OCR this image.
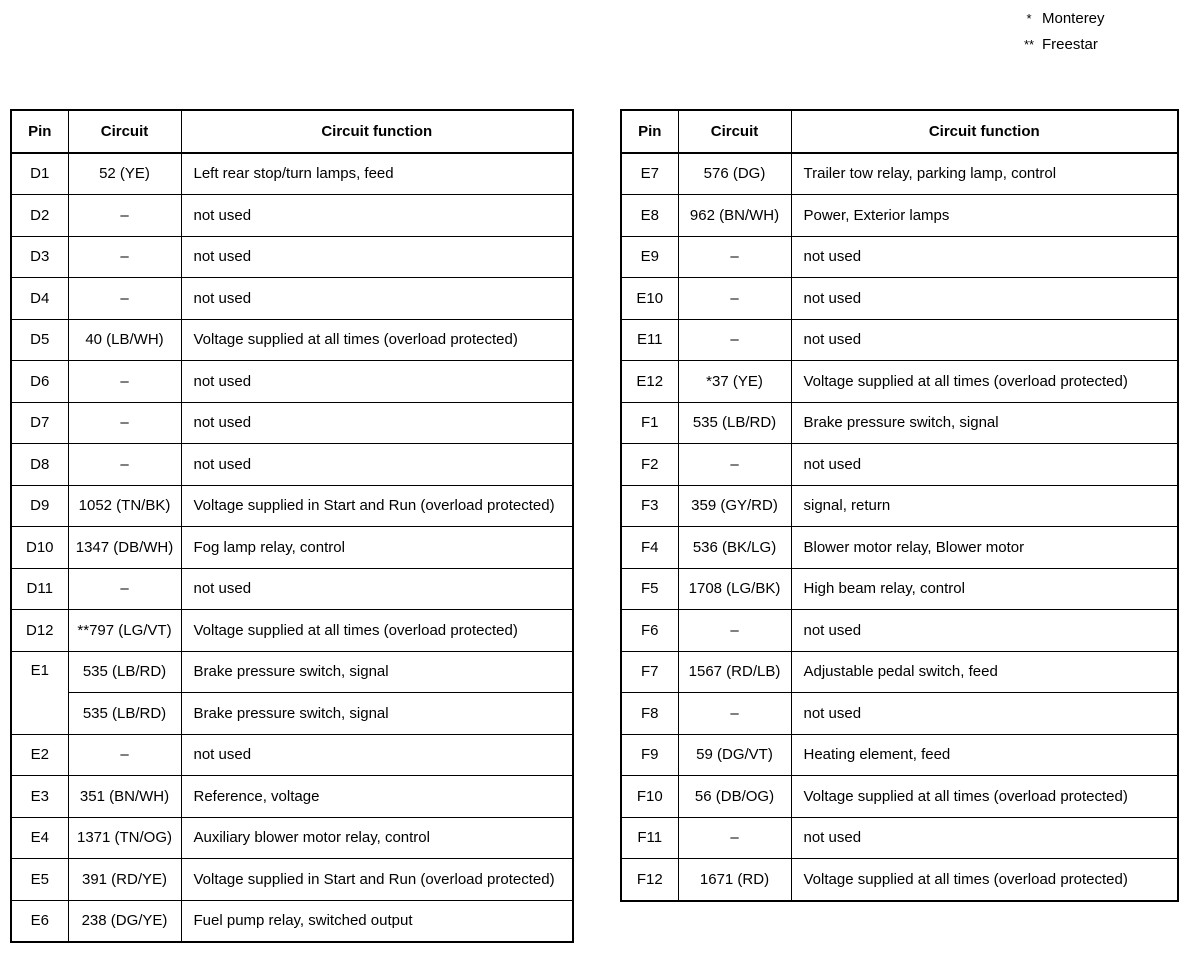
* Monterey
** Freestar
Pin	Circuit	Circuit function
D1	52 (YE)	Left rear stop/turn lamps, feed
D2	–	not used
D3	–	not used
D4	–	not used
D5	40 (LB/WH)	Voltage supplied at all times (overload protected)
D6	–	not used
D7	–	not used
D8	–	not used
D9	1052 (TN/BK)	Voltage supplied in Start and Run (overload protected)
D10	1347 (DB/WH)	Fog lamp relay, control
D11	–	not used
D12	**797 (LG/VT)	Voltage supplied at all times (overload protected)
E1	535 (LB/RD)	Brake pressure switch, signal
	535 (LB/RD)	Brake pressure switch, signal
E2	–	not used
E3	351 (BN/WH)	Reference, voltage
E4	1371 (TN/OG)	Auxiliary blower motor relay, control
E5	391 (RD/YE)	Voltage supplied in Start and Run (overload protected)
E6	238 (DG/YE)	Fuel pump relay, switched output
Pin	Circuit	Circuit function
E7	576 (DG)	Trailer tow relay, parking lamp, control
E8	962 (BN/WH)	Power, Exterior lamps
E9	–	not used
E10	–	not used
E11	–	not used
E12	*37 (YE)	Voltage supplied at all times (overload protected)
F1	535 (LB/RD)	Brake pressure switch, signal
F2	–	not used
F3	359 (GY/RD)	signal, return
F4	536 (BK/LG)	Blower motor relay, Blower motor
F5	1708 (LG/BK)	High beam relay, control
F6	–	not used
F7	1567 (RD/LB)	Adjustable pedal switch, feed
F8	–	not used
F9	59 (DG/VT)	Heating element, feed
F10	56 (DB/OG)	Voltage supplied at all times (overload protected)
F11	–	not used
F12	1671 (RD)	Voltage supplied at all times (overload protected)
